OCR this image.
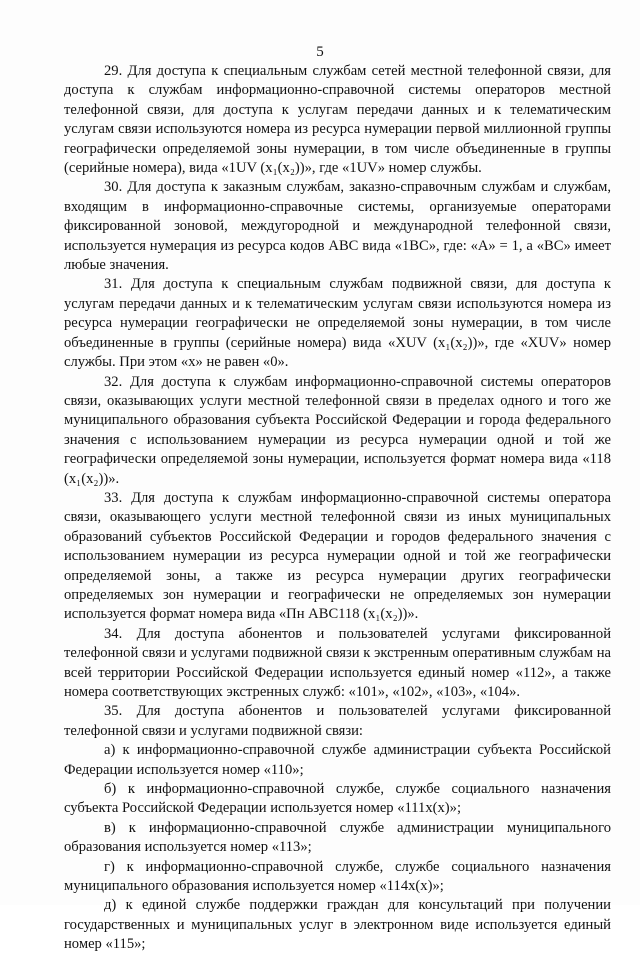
5

29. Для доступа к специальным службам сетей местной телефонной связи, для доступа к службам информационно-справочной системы операторов местной телефонной связи, для доступа к услугам передачи данных и к телематическим услугам связи используются номера из ресурса нумерации первой миллионной группы географически определяемой зоны нумерации, в том числе объединенные в группы (серийные номера), вида «1UV (x₁(x₂))», где «1UV» номер службы.

30. Для доступа к заказным службам, заказно-справочным службам и службам, входящим в информационно-справочные системы, организуемые операторами фиксированной зоновой, междугородной и международной телефонной связи, используется нумерация из ресурса кодов АВС вида «1ВС», где: «А» = 1, а «ВС» имеет любые значения.

31. Для доступа к специальным службам подвижной связи, для доступа к услугам передачи данных и к телематическим услугам связи используются номера из ресурса нумерации географически не определяемой зоны нумерации, в том числе объединенные в группы (серийные номера) вида «XUV (x₁(x₂))», где «XUV» номер службы. При этом «х» не равен «0».

32. Для доступа к службам информационно-справочной системы операторов связи, оказывающих услуги местной телефонной связи в пределах одного и того же муниципального образования субъекта Российской Федерации и города федерального значения с использованием нумерации из ресурса нумерации одной и той же географически определяемой зоны нумерации, используется формат номера вида «118 (x₁(x₂))».

33. Для доступа к службам информационно-справочной системы оператора связи, оказывающего услуги местной телефонной связи из иных муниципальных образований субъектов Российской Федерации и городов федерального значения с использованием нумерации из ресурса нумерации одной и той же географически определяемой зоны, а также из ресурса нумерации других географически определяемых зон нумерации и географически не определяемых зон нумерации используется формат номера вида «Пн АВС118 (x₁(x₂))».

34. Для доступа абонентов и пользователей услугами фиксированной телефонной связи и услугами подвижной связи к экстренным оперативным службам на всей территории Российской Федерации используется единый номер «112», а также номера соответствующих экстренных служб: «101», «102», «103», «104».

35. Для доступа абонентов и пользователей услугами фиксированной телефонной связи и услугами подвижной связи:

а) к информационно-справочной службе администрации субъекта Российской Федерации используется номер «110»;

б) к информационно-справочной службе, службе социального назначения субъекта Российской Федерации используется номер «111х(х)»;

в) к информационно-справочной службе администрации муниципального образования используется номер «113»;

г) к информационно-справочной службе, службе социального назначения муниципального образования используется номер «114х(х)»;

д) к единой службе поддержки граждан для консультаций при получении государственных и муниципальных услуг в электронном виде используется единый номер «115»;
